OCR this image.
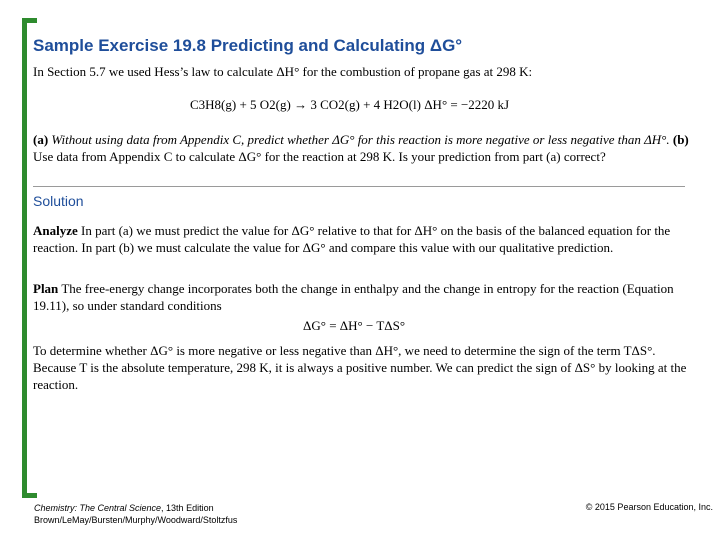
Sample Exercise 19.8 Predicting and Calculating ΔG°
In Section 5.7 we used Hess’s law to calculate ΔH° for the combustion of propane gas at 298 K:
C3H8(g) + 5 O2(g) → 3 CO2(g) + 4 H2O(l) ΔH° = −2220 kJ
(a) Without using data from Appendix C, predict whether ΔG° for this reaction is more negative or less negative than ΔH°. (b) Use data from Appendix C to calculate ΔG° for the reaction at 298 K. Is your prediction from part (a) correct?
Solution
Analyze In part (a) we must predict the value for ΔG° relative to that for ΔH° on the basis of the balanced equation for the reaction. In part (b) we must calculate the value for ΔG° and compare this value with our qualitative prediction.
Plan The free-energy change incorporates both the change in enthalpy and the change in entropy for the reaction (Equation 19.11), so under standard conditions
ΔG° = ΔH° − TΔS°
To determine whether ΔG° is more negative or less negative than ΔH°, we need to determine the sign of the term TΔS°. Because T is the absolute temperature, 298 K, it is always a positive number. We can predict the sign of ΔS° by looking at the reaction.
Chemistry: The Central Science, 13th Edition
Brown/LeMay/Bursten/Murphy/Woodward/Stoltzfus
© 2015 Pearson Education, Inc.
